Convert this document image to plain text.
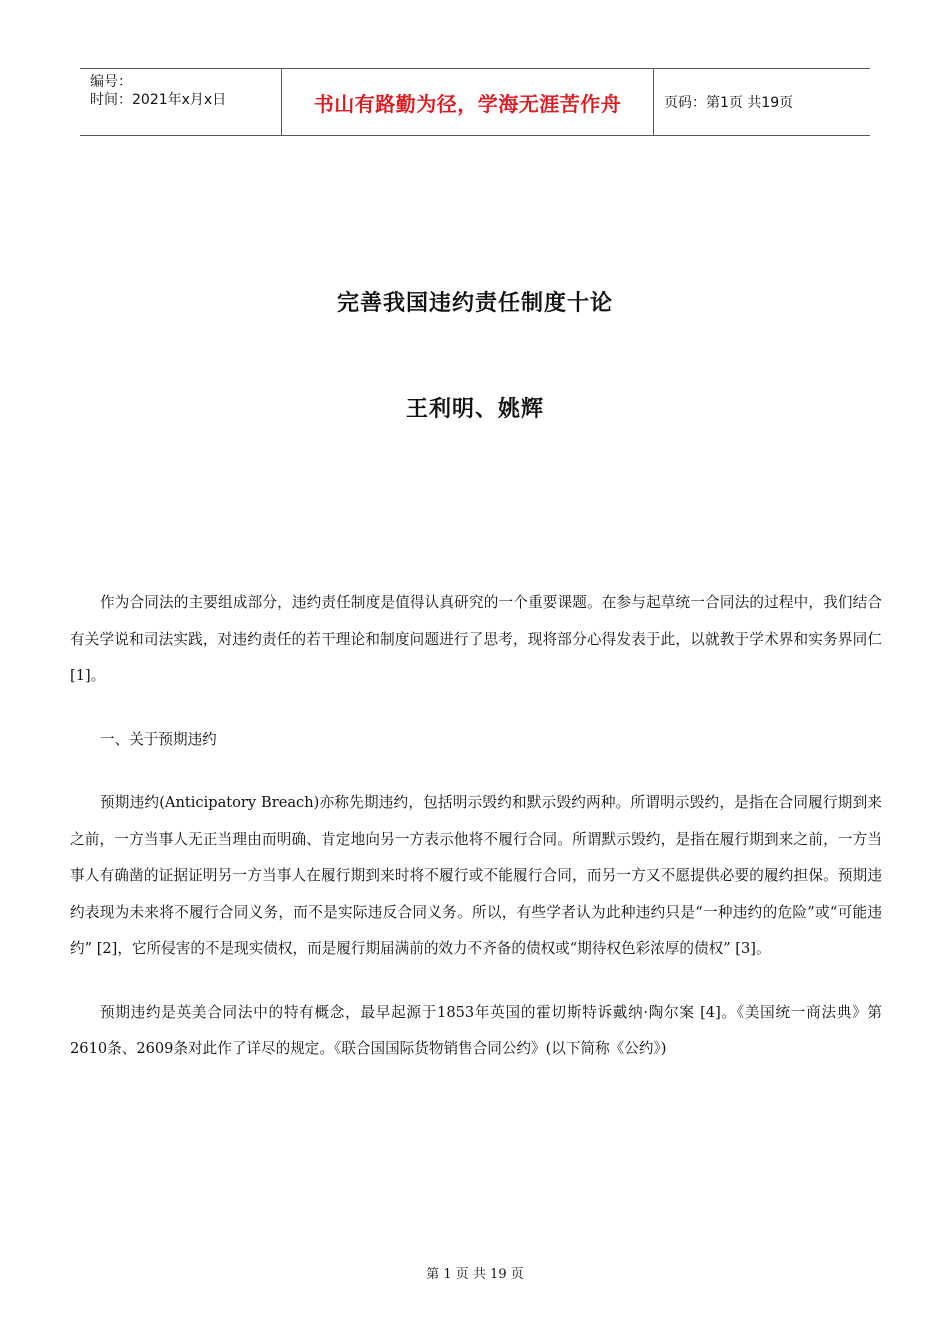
编号：
时间：2021年x月x日	书山有路勤为径，学海无涯苦作舟	页码：第1页 共19页
完善我国违约责任制度十论
王利明、姚辉

作为合同法的主要组成部分，违约责任制度是值得认真研究的一个重要课题。在参与起草统一合同法的过程中，我们结合有关学说和司法实践，对违约责任的若干理论和制度问题进行了思考，现将部分心得发表于此，以就教于学术界和实务界同仁 [1]。

一、关于预期违约

预期违约(Anticipatory Breach)亦称先期违约，包括明示毁约和默示毁约两种。所谓明示毁约，是指在合同履行期到来之前，一方当事人无正当理由而明确、肯定地向另一方表示他将不履行合同。所谓默示毁约，是指在履行期到来之前，一方当事人有确凿的证据证明另一方当事人在履行期到来时将不履行或不能履行合同，而另一方又不愿提供必要的履约担保。预期违约表现为未来将不履行合同义务，而不是实际违反合同义务。所以，有些学者认为此种违约只是“一种违约的危险”或“可能违约” [2]，它所侵害的不是现实债权，而是履行期届满前的效力不齐备的债权或“期待权色彩浓厚的债权” [3]。

预期违约是英美合同法中的特有概念，最早起源于1853年英国的霍切斯特诉戴纳·陶尔案 [4]。《美国统一商法典》第2610条、2609条对此作了详尽的规定。《联合国国际货物销售合同公约》(以下简称《公约》)

第 1 页 共 19 页
